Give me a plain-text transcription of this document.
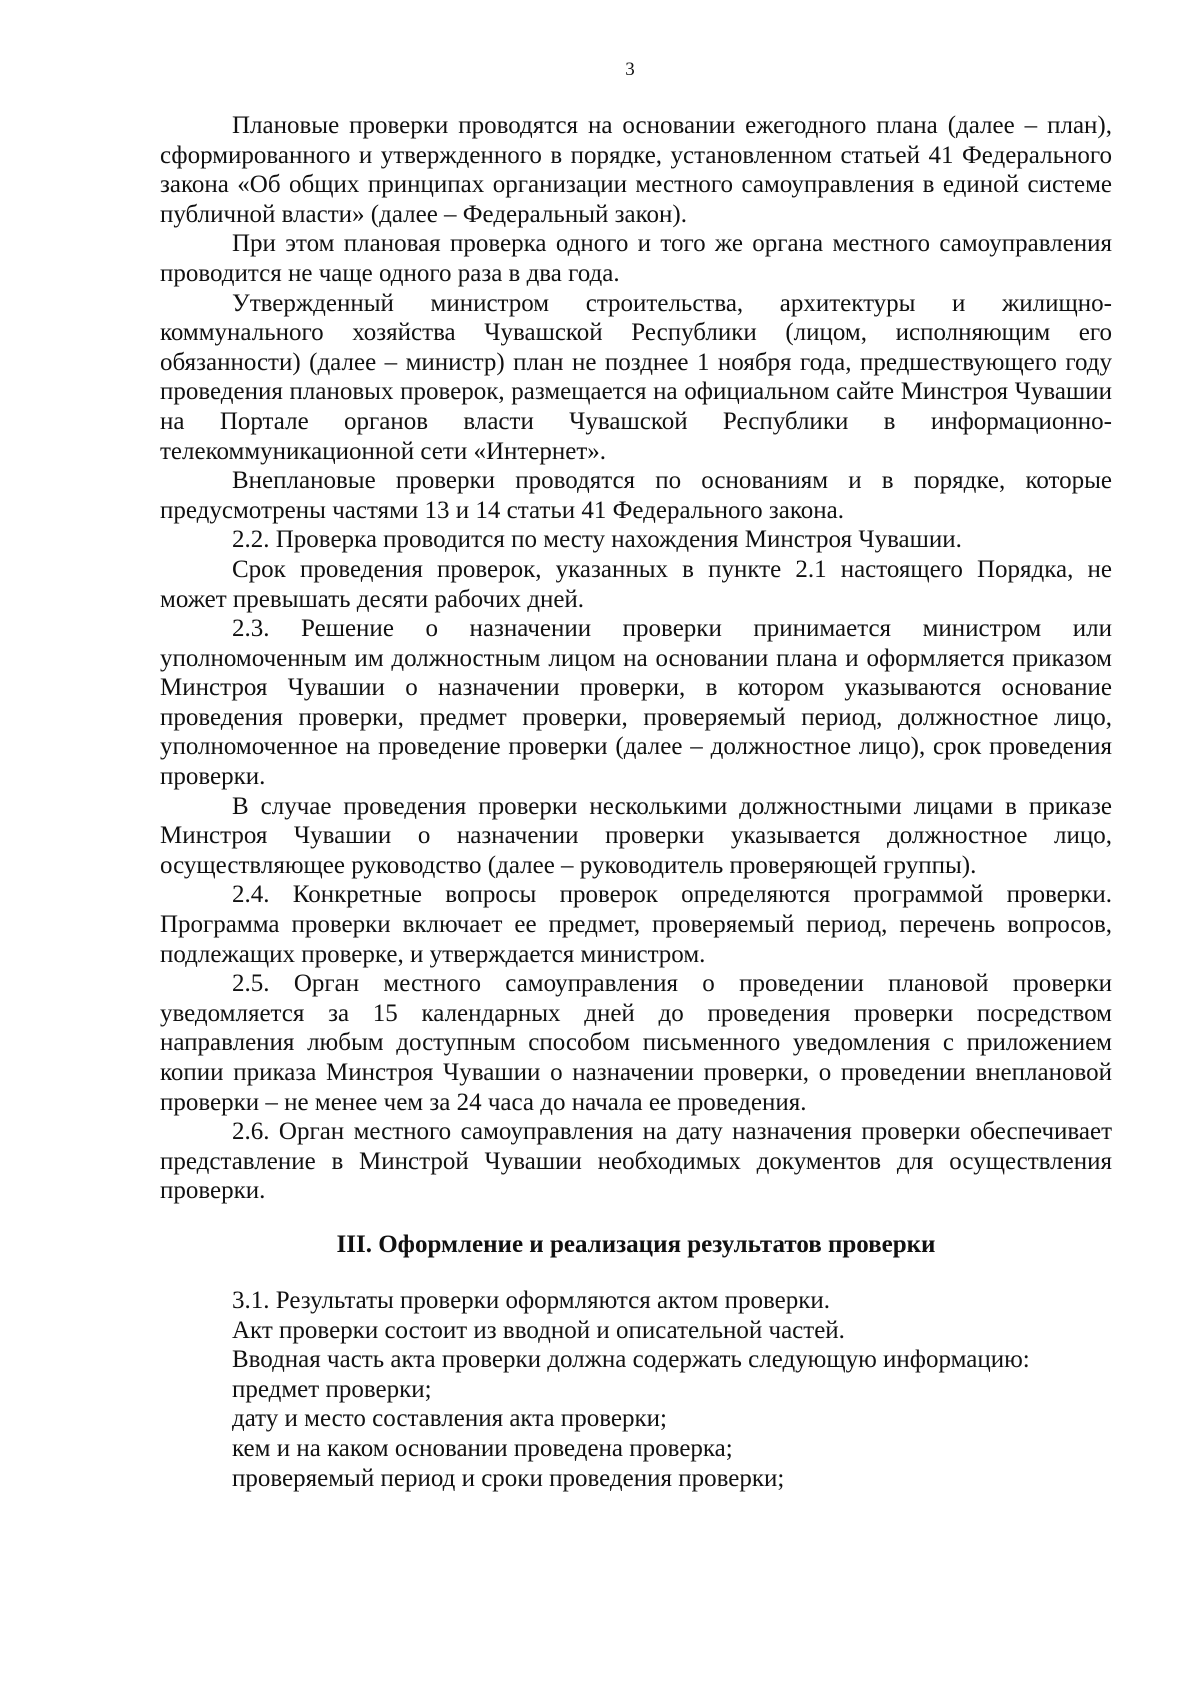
3

Плановые проверки проводятся на основании ежегодного плана (далее – план), сформированного и утвержденного в порядке, установленном статьей 41 Федерального закона «Об общих принципах организации местного самоуправления в единой системе публичной власти» (далее – Федеральный закон).

При этом плановая проверка одного и того же органа местного самоуправления проводится не чаще одного раза в два года.

Утвержденный министром строительства, архитектуры и жилищно-коммунального хозяйства Чувашской Республики (лицом, исполняющим его обязанности) (далее – министр) план не позднее 1 ноября года, предшествующего году проведения плановых проверок, размещается на официальном сайте Минстроя Чувашии на Портале органов власти Чувашской Республики в информационно-телекоммуникационной сети «Интернет».

Внеплановые проверки проводятся по основаниям и в порядке, которые предусмотрены частями 13 и 14 статьи 41 Федерального закона.

2.2. Проверка проводится по месту нахождения Минстроя Чувашии.

Срок проведения проверок, указанных в пункте 2.1 настоящего Порядка, не может превышать десяти рабочих дней.

2.3. Решение о назначении проверки принимается министром или уполномоченным им должностным лицом на основании плана и оформляется приказом Минстроя Чувашии о назначении проверки, в котором указываются основание проведения проверки, предмет проверки, проверяемый период, должностное лицо, уполномоченное на проведение проверки (далее – должностное лицо), срок проведения проверки.

В случае проведения проверки несколькими должностными лицами в приказе Минстроя Чувашии о назначении проверки указывается должностное лицо, осуществляющее руководство (далее – руководитель проверяющей группы).

2.4. Конкретные вопросы проверок определяются программой проверки. Программа проверки включает ее предмет, проверяемый период, перечень вопросов, подлежащих проверке, и утверждается министром.

2.5. Орган местного самоуправления о проведении плановой проверки уведомляется за 15 календарных дней до проведения проверки посредством направления любым доступным способом письменного уведомления с приложением копии приказа Минстроя Чувашии о назначении проверки, о проведении внеплановой проверки – не менее чем за 24 часа до начала ее проведения.

2.6. Орган местного самоуправления на дату назначения проверки обеспечивает представление в Минстрой Чувашии необходимых документов для осуществления проверки.

III. Оформление и реализация результатов проверки

3.1. Результаты проверки оформляются актом проверки.

Акт проверки состоит из вводной и описательной частей.

Вводная часть акта проверки должна содержать следующую информацию:

предмет проверки;

дату и место составления акта проверки;

кем и на каком основании проведена проверка;

проверяемый период и сроки проведения проверки;
